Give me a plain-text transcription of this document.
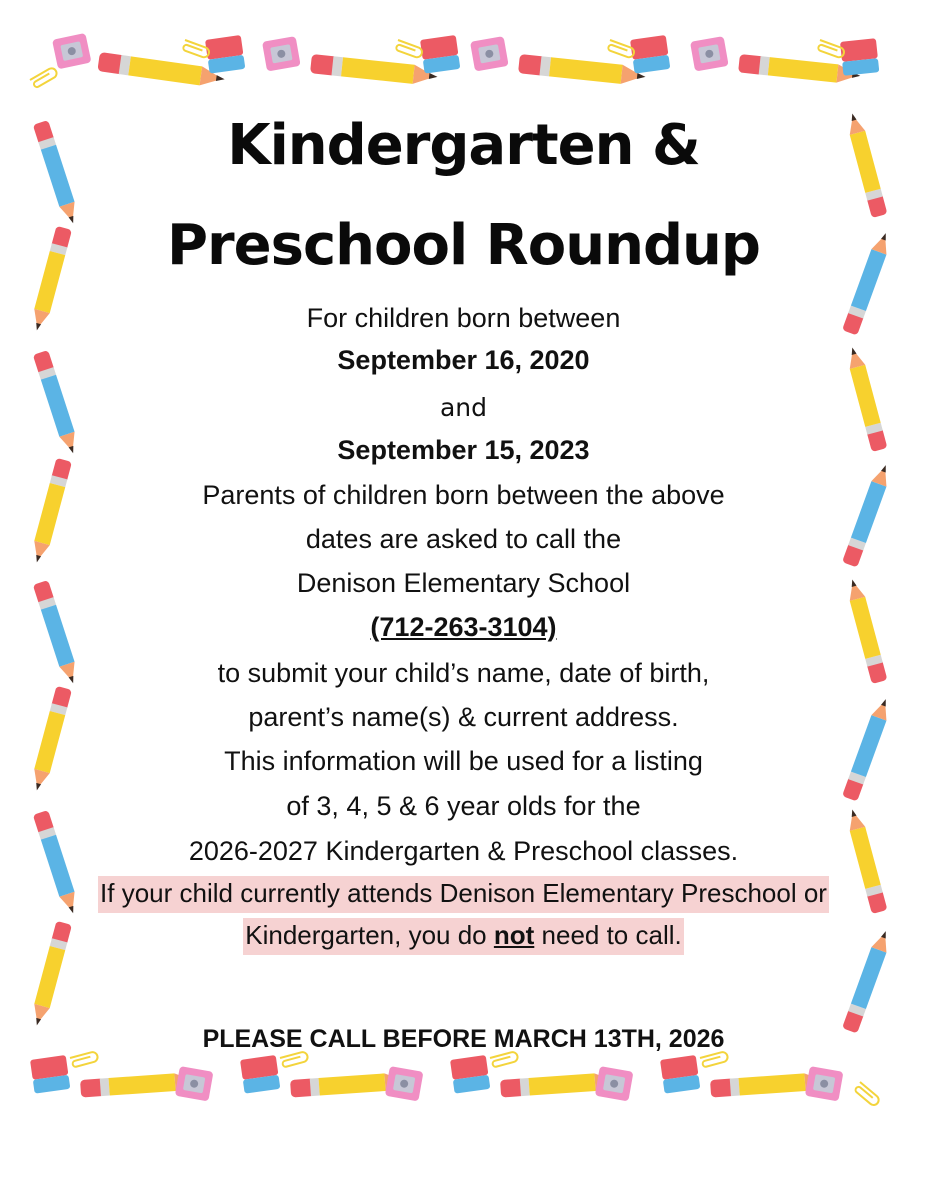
Kindergarten &
Preschool Roundup

For children born between

September 16, 2020

and

September 15, 2023

Parents of children born between the above

dates are asked to call the

Denison Elementary School

(712-263-3104)

to submit your child’s name, date of birth,

parent’s name(s) & current address.

This information will be used for a listing

of 3, 4, 5 & 6 year olds for the

2026-2027 Kindergarten & Preschool classes.

If your child currently attends Denison Elementary Preschool or
Kindergarten, you do not need to call.

PLEASE CALL BEFORE MARCH 13TH, 2026
